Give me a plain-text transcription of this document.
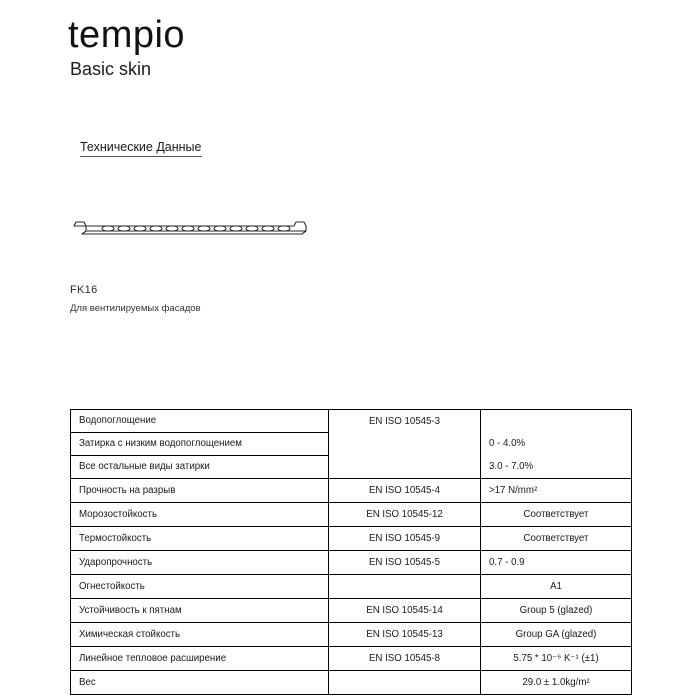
tempio
Basic skin
Технические Данные
FK16
Для вентилируемых фасадов
Водопоглощение	EN ISO 10545-3	
Затирка с низким водопоглощением		0 - 4.0%
Все остальные виды затирки		3.0 - 7.0%
Прочность на разрыв	EN ISO 10545-4	>17 N/mm²
Морозостойкость	EN ISO 10545-12	Соответствует
Термостойкость	EN ISO 10545-9	Соответствует
Ударопрочность	EN ISO 10545-5	0.7 - 0.9
Огнестойкость		A1
Устойчивость к пятнам	EN ISO 10545-14	Group 5 (glazed)
Химическая стойкость	EN ISO 10545-13	Group GA (glazed)
Линейное тепловое расширение	EN ISO 10545-8	5.75 * 10⁻⁶ K⁻¹ (±1)
Вес		29.0 ± 1.0kg/m²
